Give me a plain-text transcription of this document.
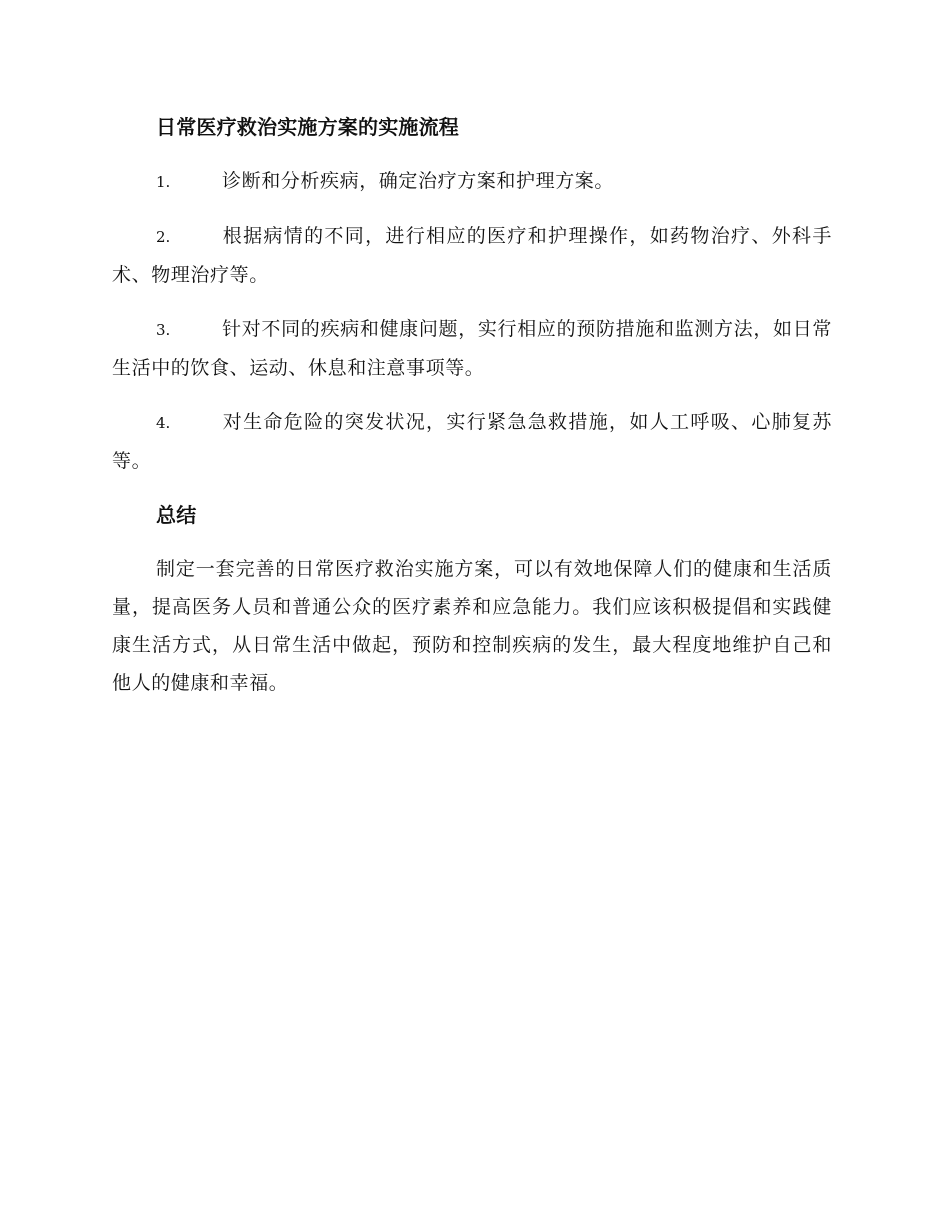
日常医疗救治实施方案的实施流程
1.	诊断和分析疾病，确定治疗方案和护理方案。
2.	根据病情的不同，进行相应的医疗和护理操作，如药物治疗、外科手术、物理治疗等。
3.	针对不同的疾病和健康问题，实行相应的预防措施和监测方法，如日常生活中的饮食、运动、休息和注意事项等。
4.	对生命危险的突发状况，实行紧急急救措施，如人工呼吸、心肺复苏等。
总结

制定一套完善的日常医疗救治实施方案，可以有效地保障人们的健康和生活质量，提高医务人员和普通公众的医疗素养和应急能力。我们应该积极提倡和实践健康生活方式，从日常生活中做起，预防和控制疾病的发生，最大程度地维护自己和他人的健康和幸福。
